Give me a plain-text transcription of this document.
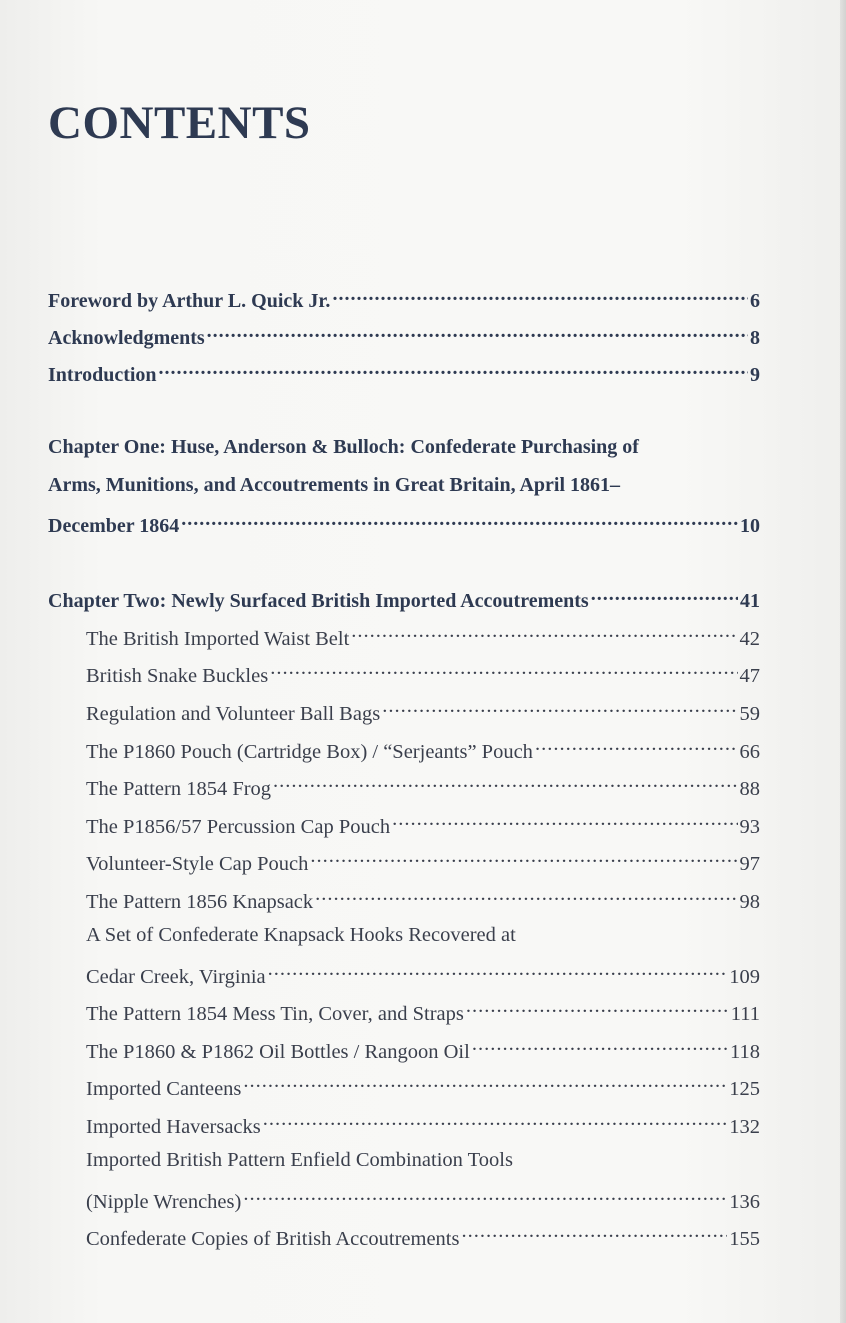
CONTENTS
Foreword by Arthur L. Quick Jr. .....	6
Acknowledgments .....	8
Introduction .....	9
Chapter One: Huse, Anderson & Bulloch: Confederate Purchasing of
Arms, Munitions, and Accoutrements in Great Britain, April 1861–
December 1864 .....	10
Chapter Two: Newly Surfaced British Imported Accoutrements .....	41
The British Imported Waist Belt .....	42
British Snake Buckles .....	47
Regulation and Volunteer Ball Bags .....	59
The P1860 Pouch (Cartridge Box) / “Serjeants” Pouch .....	66
The Pattern 1854 Frog .....	88
The P1856/57 Percussion Cap Pouch .....	93
Volunteer-Style Cap Pouch .....	97
The Pattern 1856 Knapsack .....	98
A Set of Confederate Knapsack Hooks Recovered at
Cedar Creek, Virginia .....	109
The Pattern 1854 Mess Tin, Cover, and Straps .....	111
The P1860 & P1862 Oil Bottles / Rangoon Oil .....	118
Imported Canteens .....	125
Imported Haversacks .....	132
Imported British Pattern Enfield Combination Tools
(Nipple Wrenches) .....	136
Confederate Copies of British Accoutrements .....	155
